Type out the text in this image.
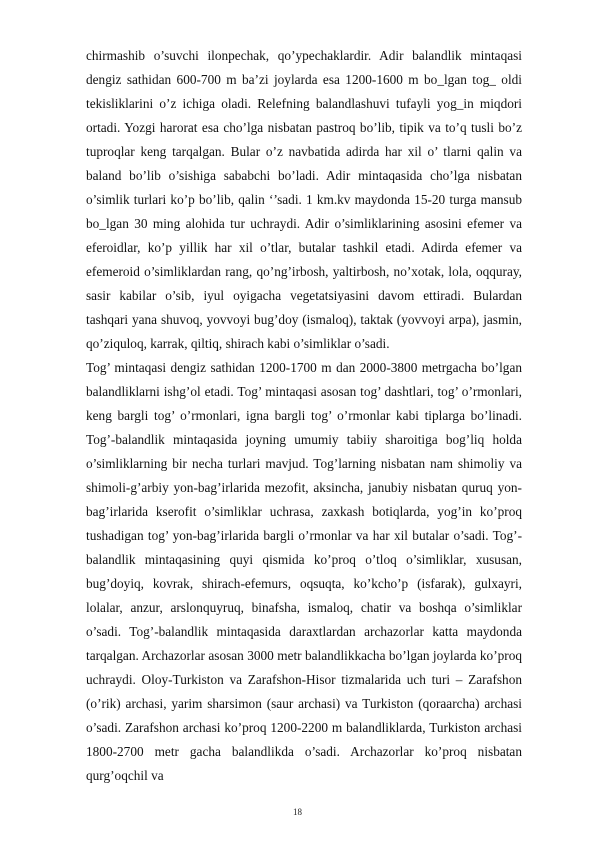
chirmashib o’suvchi ilonpechak, qo’ypechaklardir. Adir balandlik mintaqasi dengiz sathidan 600-700 m ba’zi joylarda esa 1200-1600 m bo_lgan tog_ oldi tekisliklarini o’z ichiga oladi. Relefning balandlashuvi tufayli yog_in miqdori ortadi. Yozgi harorat esa cho’lga nisbatan pastroq bo’lib, tipik va to’q tusli bo’z tuproqlar keng tarqalgan. Bular o’z navbatida adirda har xil o’ tlarni qalin va baland bo’lib o’sishiga sababchi bo’ladi. Adir mintaqasida cho’lga nisbatan o’simlik turlari ko’p bo’lib, qalin ‘’sadi. 1 km.kv maydonda 15-20 turga mansub bo_lgan 30 ming alohida tur uchraydi. Adir o’simliklarining asosini efemer va eferoidlar, ko’p yillik har xil o’tlar, butalar tashkil etadi. Adirda efemer va efemeroid o’simliklardan rang, qo’ng’irbosh, yaltirbosh, no’xotak, lola, oqquray, sasir kabilar o’sib, iyul oyigacha vegetatsiyasini davom ettiradi. Bulardan tashqari yana shuvoq, yovvoyi bug’doy (ismaloq), taktak (yovvoyi arpa), jasmin, qo’ziquloq, karrak, qiltiq, shirach kabi o’simliklar o’sadi.

Tog’ mintaqasi dengiz sathidan 1200-1700 m dan 2000-3800 metrgacha bo’lgan balandliklarni ishg’ol etadi. Tog’ mintaqasi asosan tog’ dashtlari, tog’ o’rmonlari, keng bargli tog’ o’rmonlari, igna bargli tog’ o’rmonlar kabi tiplarga bo’linadi. Tog’-balandlik mintaqasida joyning umumiy tabiiy sharoitiga bog’liq holda o’simliklarning bir necha turlari mavjud. Tog’larning nisbatan nam shimoliy va shimoli-g’arbiy yon-bag’irlarida mezofit, aksincha, janubiy nisbatan quruq yon-bag’irlarida kserofit o’simliklar uchrasa, zaxkash botiqlarda, yog’in ko’proq tushadigan tog’ yon-bag’irlarida bargli o’rmonlar va har xil butalar o’sadi. Tog’-balandlik mintaqasining quyi qismida ko’proq o’tloq o’simliklar, xususan, bug’doyiq, kovrak, shirach-efemurs, oqsuqta, ko’kcho’p (isfarak), gulxayri, lolalar, anzur, arslonquyruq, binafsha, ismaloq, chatir va boshqa o’simliklar o’sadi. Tog’-balandlik mintaqasida daraxtlardan archazorlar katta maydonda tarqalgan. Archazorlar asosan 3000 metr balandlikkacha bo’lgan joylarda ko’proq uchraydi. Oloy-Turkiston va Zarafshon-Hisor tizmalarida uch turi – Zarafshon (o’rik) archasi, yarim sharsimon (saur archasi) va Turkiston (qoraarcha) archasi o’sadi. Zarafshon archasi ko’proq 1200-2200 m balandliklarda, Turkiston archasi 1800-2700 metr gacha balandlikda o’sadi. Archazorlar ko’proq nisbatan qurg’oqchil va

18
